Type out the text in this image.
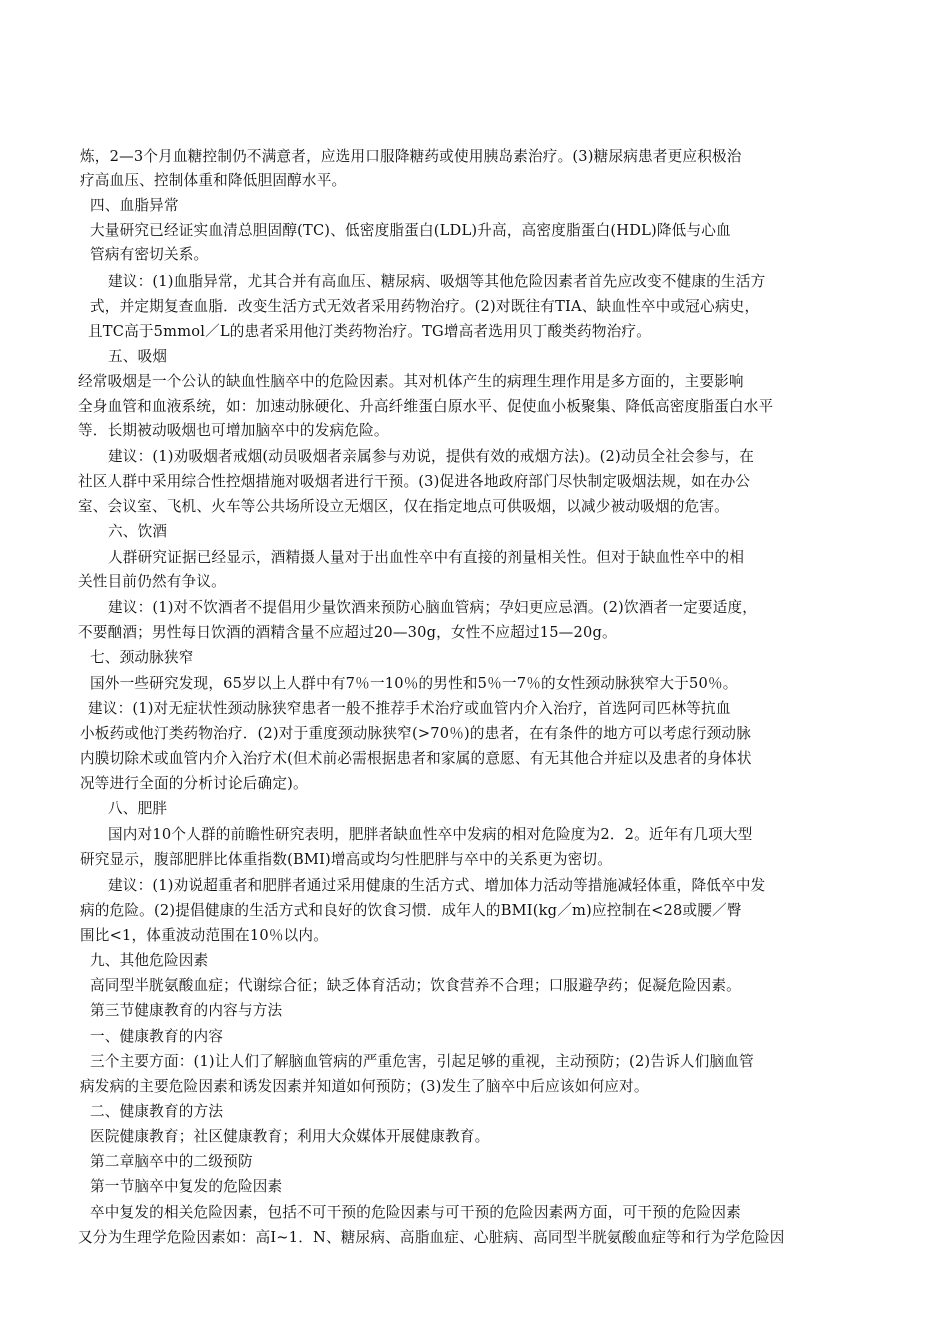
炼，2—3个月血糖控制仍不满意者，应选用口服降糖药或使用胰岛素治疗。(3)糖尿病患者更应积极治
疗高血压、控制体重和降低胆固醇水平。
四、血脂异常
大量研究已经证实血清总胆固醇(TC)、低密度脂蛋白(LDL)升高，高密度脂蛋白(HDL)降低与心血
管病有密切关系。
建议：(1)血脂异常，尤其合并有高血压、糖尿病、吸烟等其他危险因素者首先应改变不健康的生活方
式，并定期复查血脂．改变生活方式无效者采用药物治疗。(2)对既往有TIA、缺血性卒中或冠心病史，
且TC高于5mmol／L的患者采用他汀类药物治疗。TG增高者选用贝丁酸类药物治疗。
五、吸烟
经常吸烟是一个公认的缺血性脑卒中的危险因素。其对机体产生的病理生理作用是多方面的，主要影响
全身血管和血液系统，如：加速动脉硬化、升高纤维蛋白原水平、促使血小板聚集、降低高密度脂蛋白水平
等．长期被动吸烟也可增加脑卒中的发病危险。
建议：(1)劝吸烟者戒烟(动员吸烟者亲属参与劝说，提供有效的戒烟方法)。(2)动员全社会参与，在
社区人群中采用综合性控烟措施对吸烟者进行干预。(3)促进各地政府部门尽快制定吸烟法规，如在办公
室、会议室、飞机、火车等公共场所设立无烟区，仅在指定地点可供吸烟，以减少被动吸烟的危害。
六、饮酒
人群研究证据已经显示，酒精摄人量对于出血性卒中有直接的剂量相关性。但对于缺血性卒中的相
关性目前仍然有争议。
建议：(1)对不饮酒者不提倡用少量饮酒来预防心脑血管病；孕妇更应忌酒。(2)饮酒者一定要适度，
不要酗酒；男性每日饮酒的酒精含量不应超过20—30g，女性不应超过15—20g。
七、颈动脉狭窄
国外一些研究发现，65岁以上人群中有7％一10％的男性和5％一7％的女性颈动脉狭窄大于50％。
建议：(1)对无症状性颈动脉狭窄患者一般不推荐手术治疗或血管内介入治疗，首选阿司匹林等抗血
小板药或他汀类药物治疗．(2)对于重度颈动脉狭窄(>70％)的患者，在有条件的地方可以考虑行颈动脉
内膜切除术或血管内介入治疗术(但术前必需根据患者和家属的意愿、有无其他合并症以及患者的身体状
况等进行全面的分析讨论后确定)。
八、肥胖
国内对10个人群的前瞻性研究表明，肥胖者缺血性卒中发病的相对危险度为2．2。近年有几项大型
研究显示，腹部肥胖比体重指数(BMI)增高或均匀性肥胖与卒中的关系更为密切。
建议：(1)劝说超重者和肥胖者通过采用健康的生活方式、增加体力活动等措施减轻体重，降低卒中发
病的危险。(2)提倡健康的生活方式和良好的饮食习惯．成年人的BMI(kg／m)应控制在<28或腰／臀
围比<1，体重波动范围在10％以内。
九、其他危险因素
高同型半胱氨酸血症；代谢综合征；缺乏体育活动；饮食营养不合理；口服避孕药；促凝危险因素。
第三节健康教育的内容与方法
一、健康教育的内容
三个主要方面：(1)让人们了解脑血管病的严重危害，引起足够的重视，主动预防；(2)告诉人们脑血管
病发病的主要危险因素和诱发因素并知道如何预防；(3)发生了脑卒中后应该如何应对。
二、健康教育的方法
医院健康教育；社区健康教育；利用大众媒体开展健康教育。
第二章脑卒中的二级预防
第一节脑卒中复发的危险因素
卒中复发的相关危险因素，包括不可干预的危险因素与可干预的危险因素两方面，可干预的危险因素
又分为生理学危险因素如：高I~1．N、糖尿病、高脂血症、心脏病、高同型半胱氨酸血症等和行为学危险因
